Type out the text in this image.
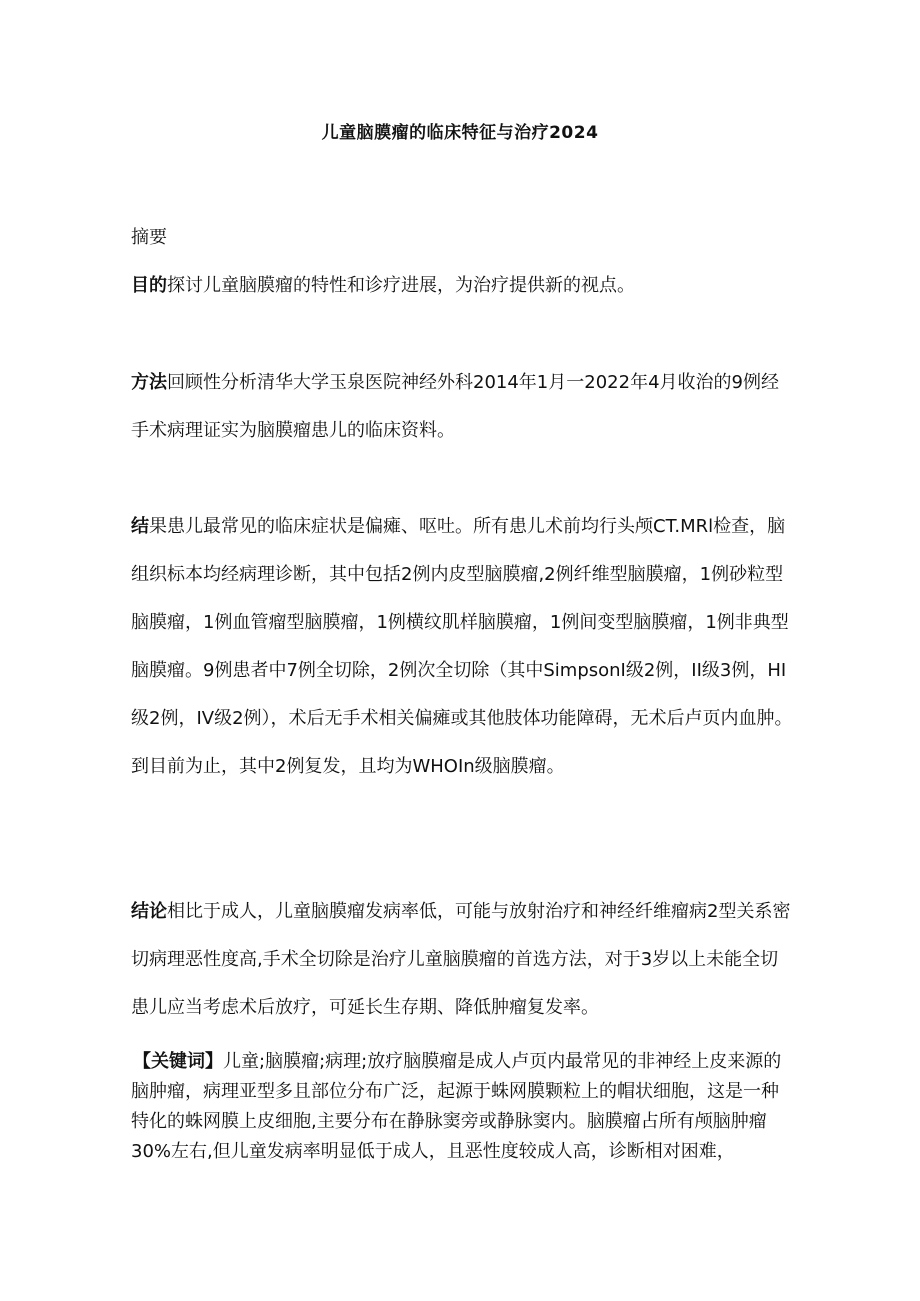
儿童脑膜瘤的临床特征与治疗2024

摘要

目的探讨儿童脑膜瘤的特性和诊疗进展，为治疗提供新的视点。

方法回顾性分析清华大学玉泉医院神经外科2014年1月一2022年4月收治的9例经手术病理证实为脑膜瘤患儿的临床资料。

结果患儿最常见的临床症状是偏瘫、呕吐。所有患儿术前均行头颅CT.MRl检查，脑组织标本均经病理诊断，其中包括2例内皮型脑膜瘤,2例纤维型脑膜瘤，1例砂粒型脑膜瘤，1例血管瘤型脑膜瘤，1例横纹肌样脑膜瘤，1例间变型脑膜瘤，1例非典型脑膜瘤。9例患者中7例全切除，2例次全切除（其中SimpsonI级2例，II级3例，HI级2例，IV级2例），术后无手术相关偏瘫或其他肢体功能障碍，无术后卢页内血肿。到目前为止，其中2例复发，且均为WHOIn级脑膜瘤。

结论相比于成人，儿童脑膜瘤发病率低，可能与放射治疗和神经纤维瘤病2型关系密切病理恶性度高,手术全切除是治疗儿童脑膜瘤的首选方法，对于3岁以上未能全切患儿应当考虑术后放疗，可延长生存期、降低肿瘤复发率。

【关键词】儿童;脑膜瘤;病理;放疗脑膜瘤是成人卢页内最常见的非神经上皮来源的脑肿瘤，病理亚型多且部位分布广泛，起源于蛛网膜颗粒上的帽状细胞，这是一种特化的蛛网膜上皮细胞,主要分布在静脉窦旁或静脉窦内。脑膜瘤占所有颅脑肿瘤30%左右,但儿童发病率明显低于成人，且恶性度较成人高，诊断相对困难，
